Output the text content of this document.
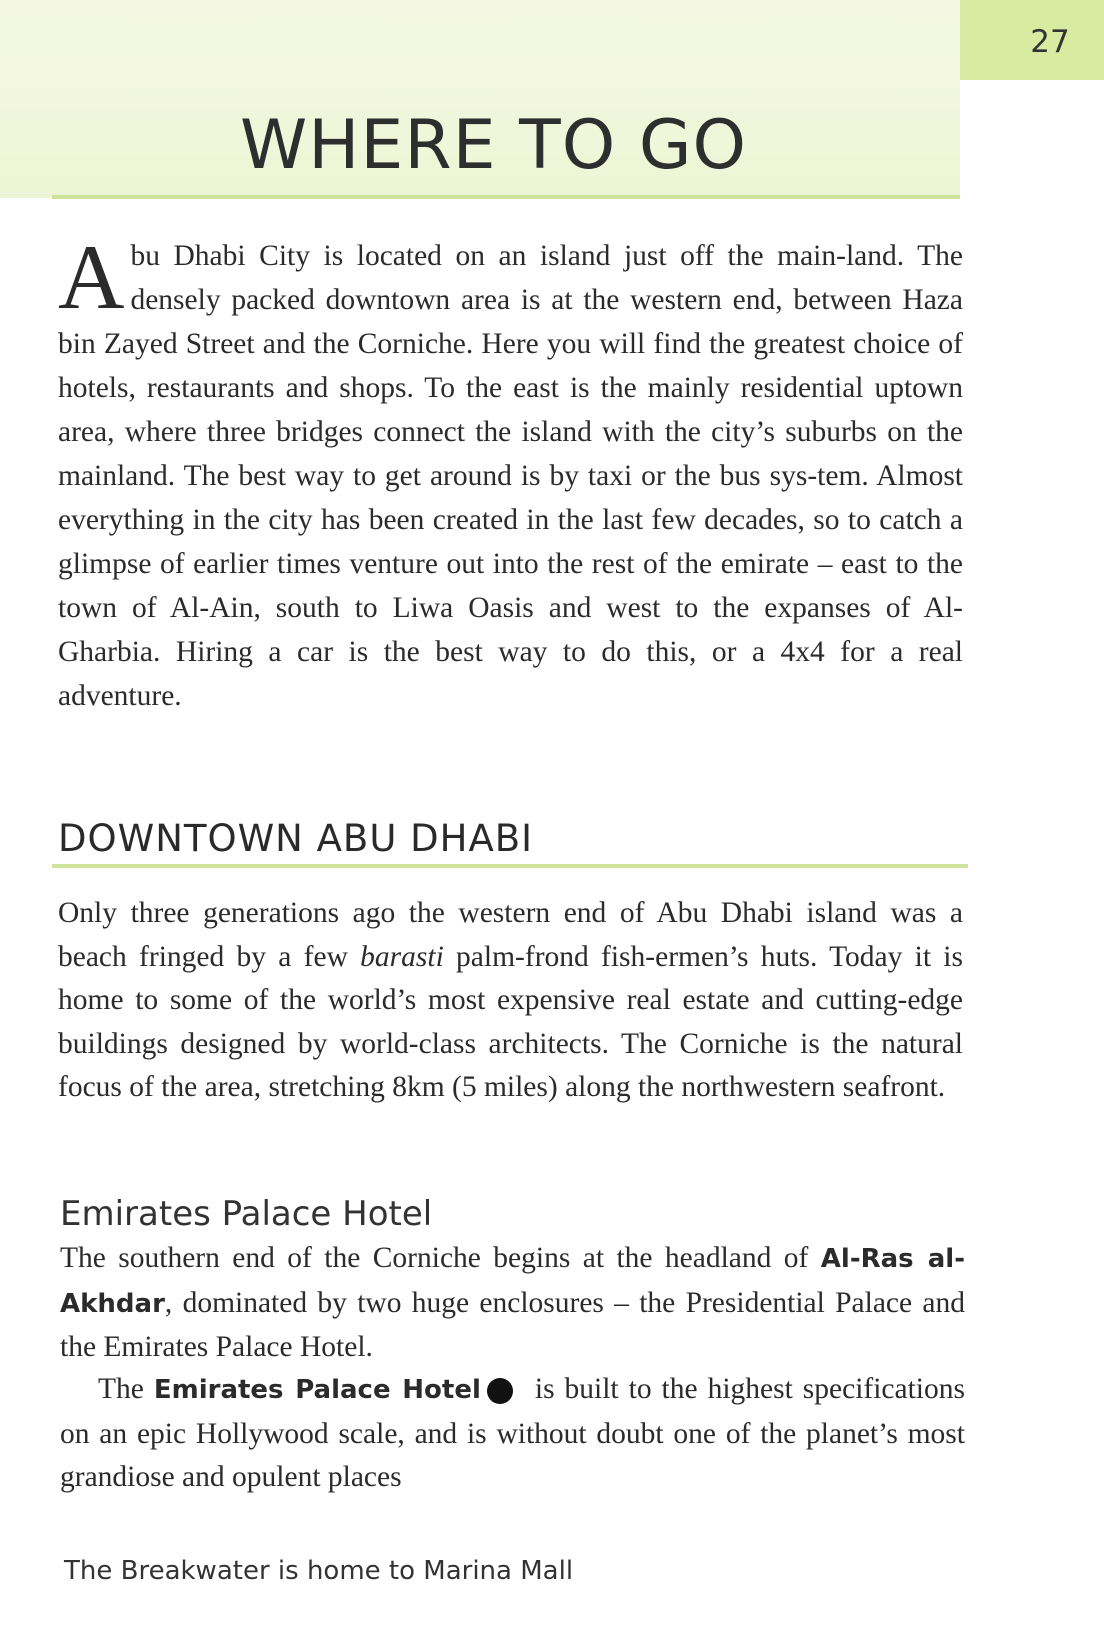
27
WHERE TO GO

Abu Dhabi City is located on an island just off the main-land. The densely packed downtown area is at the western end, between Haza bin Zayed Street and the Corniche. Here you will find the greatest choice of hotels, restaurants and shops. To the east is the mainly residential uptown area, where three bridges connect the island with the city’s suburbs on the mainland. The best way to get around is by taxi or the bus sys-tem. Almost everything in the city has been created in the last few decades, so to catch a glimpse of earlier times venture out into the rest of the emirate – east to the town of Al-Ain, south to Liwa Oasis and west to the expanses of Al-Gharbia. Hiring a car is the best way to do this, or a 4x4 for a real adventure.

DOWNTOWN ABU DHABI

Only three generations ago the western end of Abu Dhabi island was a beach fringed by a few barasti palm-frond fish-ermen’s huts. Today it is home to some of the world’s most expensive real estate and cutting-edge buildings designed by world-class architects. The Corniche is the natural focus of the area, stretching 8km (5 miles) along the northwestern seafront.

Emirates Palace Hotel

The southern end of the Corniche begins at the headland of Al-Ras al-Akhdar, dominated by two huge enclosures – the Presidential Palace and the Emirates Palace Hotel.

The Emirates Palace Hotel	1is built to the highest specifications on an epic Hollywood scale, and is without doubt one of the planet’s most grandiose and opulent places

The Breakwater is home to Marina Mall
